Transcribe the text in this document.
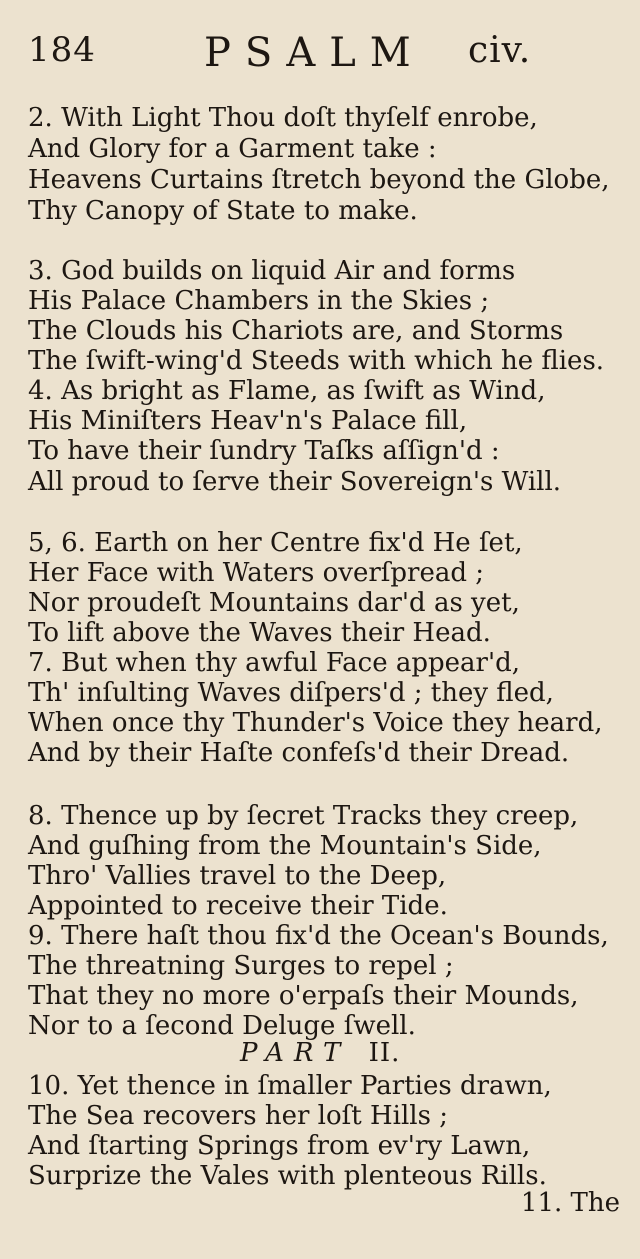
184	PSALM civ.
2. With Light Thou doſt thyſelf enrobe,
And Glory for a Garment take :
Heavens Curtains ſtretch beyond the Globe,
Thy Canopy of State to make.
3. God builds on liquid Air and forms
His Palace Chambers in the Skies ;
The Clouds his Chariots are, and Storms
The ſwift-wing'd Steeds with which he flies.
4. As bright as Flame, as ſwift as Wind,
His Miniſters Heav'n's Palace fill,
To have their ſundry Taſks aſſign'd :
All proud to ſerve their Sovereign's Will.
5, 6. Earth on her Centre fix'd He ſet,
Her Face with Waters overſpread ;
Nor proudeſt Mountains dar'd as yet,
To lift above the Waves their Head.
7. But when thy awful Face appear'd,
Th' inſulting Waves diſpers'd ; they fled,
When once thy Thunder's Voice they heard,
And by their Haſte confeſs'd their Dread.
8. Thence up by ſecret Tracks they creep,
And guſhing from the Mountain's Side,
Thro' Vallies travel to the Deep,
Appointed to receive their Tide.
9. There haſt thou fix'd the Ocean's Bounds,
The threatning Surges to repel ;
That they no more o'erpaſs their Mounds,
Nor to a ſecond Deluge ſwell.
PART II.
10. Yet thence in ſmaller Parties drawn,
The Sea recovers her loſt Hills ;
And ſtarting Springs from ev'ry Lawn,
Surprize the Vales with plenteous Rills.
11. The
